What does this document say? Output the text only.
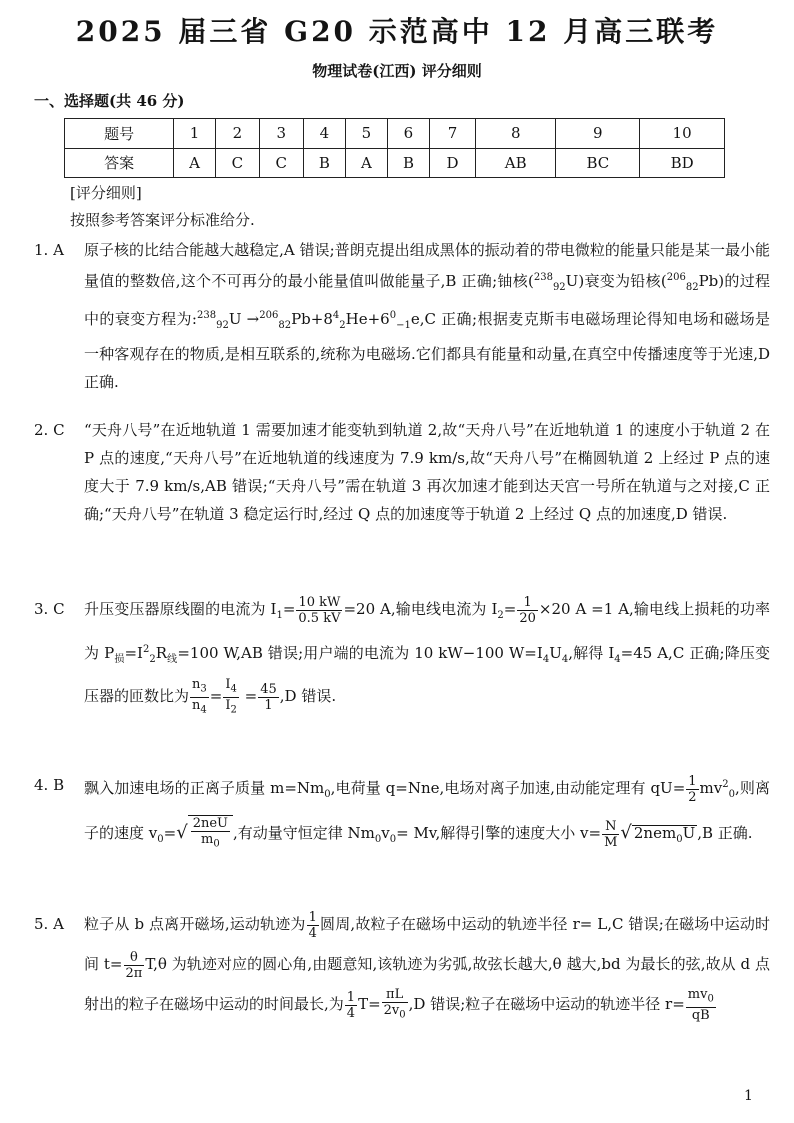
2025 届三省 G20 示范高中 12 月高三联考
物理试卷(江西) 评分细则
一、选择题(共 46 分)
题号	1	2	3	4	5	6	7	8	9	10
答案	A	C	C	B	A	B	D	AB	BC	BD
[评分细则]
按照参考答案评分标准给分.
1. A	原子核的比结合能越大越稳定,A 错误;普朗克提出组成黑体的振动着的带电微粒的能量只能是某一最小能量值的整数倍,这个不可再分的最小能量值叫做能量子,B 正确;铀核($^{238}_{92}$U)衰变为铅核($^{206}_{82}$Pb)的过程中的衰变方程为:$^{238}_{92}$U $\to^{206}_{82}Pb+8^4_2He+6^0_{-1}e,C$ 正确;根据麦克斯韦电磁场理论得知电场和磁场是一种客观存在的物质,是相互联系的,统称为电磁场.它们都具有能量和动量,在真空中传播速度等于光速,D 正确.
2. C	“天舟八号”在近地轨道 1 需要加速才能变轨到轨道 2,故“天舟八号”在近地轨道 1 的速度小于轨道 2 在 P 点的速度,“天舟八号”在近地轨道的线速度为 7.9 km/s,故“天舟八号”在椭圆轨道 2 上经过 P 点的速度大于 7.9 km/s,AB 错误;“天舟八号”需在轨道 3 再次加速才能到达天宫一号所在轨道与之对接,C 正确;“天舟八号”在轨道 3 稳定运行时,经过 Q 点的加速度等于轨道 2 上经过 Q 点的加速度,D 错误.
3. C	升压变压器原线圈的电流为 $I_1= \frac{10 kW}{0.5 kV} =20$ A,输电线电流为 $I_2= \frac{1}{20} \times 20$ A =1 A,输电线上损耗的功率为 $P_损=I^2_2R_线=100$ W,AB 错误;用户端的电流为 10 kW−100 $W=I_4U_4$,解得 $I_4=45$ A,C 正确;降压变压器的匝数比为 $\frac{n_3}{n_4} = \frac{I_4}{I_2} = \frac{45}{1} ,D$ 错误.
4. B	飘入加速电场的正离子质量 $m=Nm_0$,电荷量 q=Nne,电场对离子加速,由动能定理有 $qU= \frac{1}{2} mv^2_0$,则离子的速度 $v_0=√ \frac{\text{2neU}}{m_0}$ ,有动量守恒定律 $Nm_0v_0= Mv$,解得引擎的速度大小 $v= \frac{N}{M}$ √ 2nem$_0$U ,B 正确.
5. A	粒子从 b 点离开磁场,运动轨迹为 $\frac{1}{4}$ 圆周,故粒子在磁场中运动的轨迹半径 r= L,C 错误;在磁场中运动时间 $t= \frac{\theta}{2\pi} T,\theta$ 为轨迹对应的圆心角,由题意知,该轨迹为劣弧,故弦长越大,θ 越大,bd 为最长的弦,故从 d 点射出的粒子在磁场中运动的时间最长,为 $\frac{1}{4} T= \frac{\pi L}{2v_0} ,D$ 错误;粒子在磁场中运动的轨迹半径 $r= \frac{mv_0}{qB}$
1
